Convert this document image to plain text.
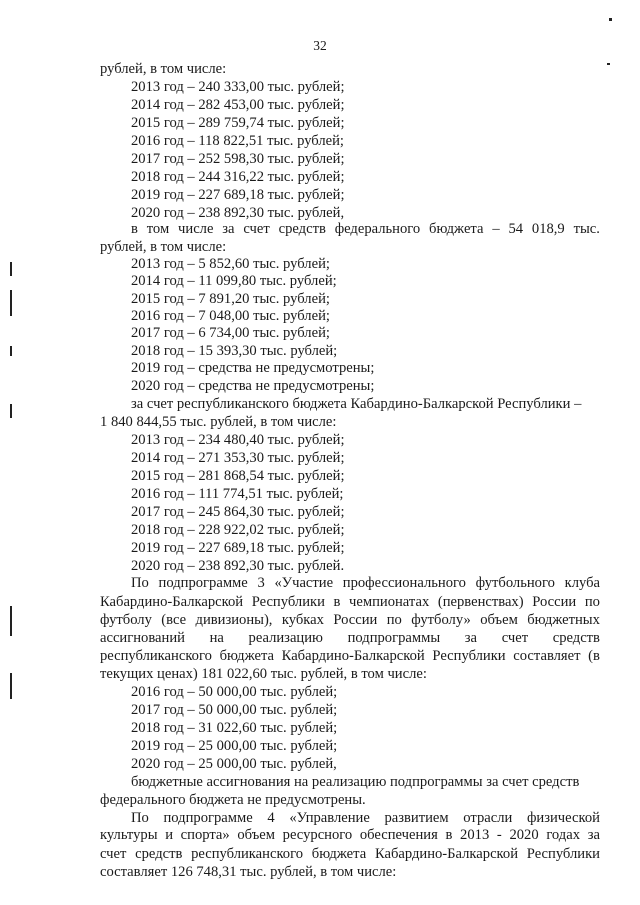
32
рублей, в том числе:
2013 год – 240 333,00 тыс. рублей;
2014 год – 282 453,00 тыс. рублей;
2015 год – 289 759,74 тыс. рублей;
2016 год – 118 822,51 тыс. рублей;
2017 год – 252 598,30 тыс. рублей;
2018 год – 244 316,22 тыс. рублей;
2019 год – 227 689,18 тыс. рублей;
2020 год – 238 892,30 тыс. рублей,
в том числе за счет средств федерального бюджета – 54 018,9 тыс.
рублей, в том числе:
2013 год – 5 852,60 тыс. рублей;
2014 год – 11 099,80 тыс. рублей;
2015 год – 7 891,20 тыс. рублей;
2016 год – 7 048,00 тыс. рублей;
2017 год – 6 734,00 тыс. рублей;
2018 год – 15 393,30 тыс. рублей;
2019 год – средства не предусмотрены;
2020 год – средства не предусмотрены;
за счет республиканского бюджета Кабардино-Балкарской Республики –
1 840 844,55 тыс. рублей, в том числе:
2013 год – 234 480,40 тыс. рублей;
2014 год – 271 353,30 тыс. рублей;
2015 год – 281 868,54 тыс. рублей;
2016 год – 111 774,51 тыс. рублей;
2017 год – 245 864,30 тыс. рублей;
2018 год – 228 922,02 тыс. рублей;
2019 год – 227 689,18 тыс. рублей;
2020 год – 238 892,30 тыс. рублей.
По подпрограмме 3 «Участие профессионального футбольного клуба
Кабардино-Балкарской Республики в чемпионатах (первенствах) России по
футболу (все дивизионы), кубках России по футболу» объем бюджетных
ассигнований на реализацию подпрограммы за счет средств
республиканского бюджета Кабардино-Балкарской Республики составляет (в
текущих ценах) 181 022,60 тыс. рублей, в том числе:
2016 год – 50 000,00 тыс. рублей;
2017 год – 50 000,00 тыс. рублей;
2018 год – 31 022,60 тыс. рублей;
2019 год – 25 000,00 тыс. рублей;
2020 год – 25 000,00 тыс. рублей,
бюджетные ассигнования на реализацию подпрограммы за счет средств
федерального бюджета не предусмотрены.
По подпрограмме 4 «Управление развитием отрасли физической
культуры и спорта» объем ресурсного обеспечения в 2013 - 2020 годах за
счет средств республиканского бюджета Кабардино-Балкарской Республики
составляет 126 748,31 тыс. рублей, в том числе:
